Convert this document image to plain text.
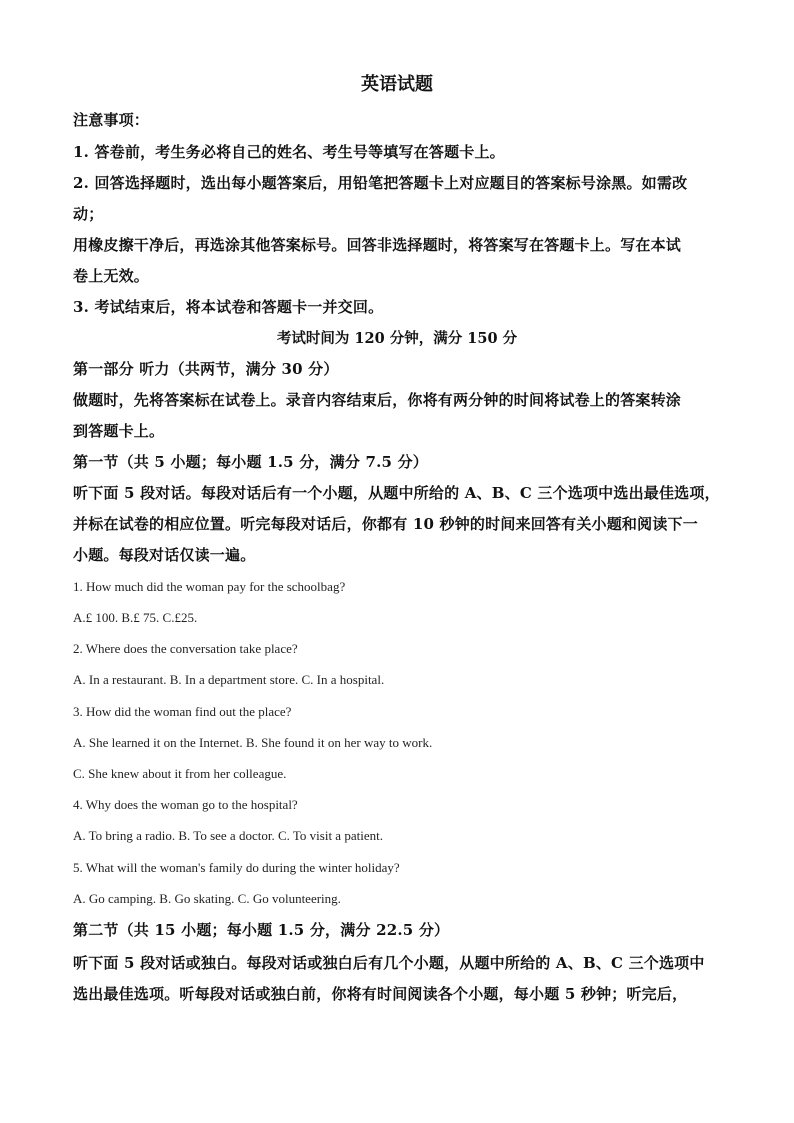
英语试题
注意事项：
1. 答卷前，考生务必将自己的姓名、考生号等填写在答题卡上。
2. 回答选择题时，选出每小题答案后，用铅笔把答题卡上对应题目的答案标号涂黑。如需改
动；
用橡皮擦干净后，再选涂其他答案标号。回答非选择题时，将答案写在答题卡上。写在本试
卷上无效。
3. 考试结束后，将本试卷和答题卡一并交回。
考试时间为 120 分钟，满分 150 分
第一部分 听力（共两节，满分 30 分）
做题时，先将答案标在试卷上。录音内容结束后，你将有两分钟的时间将试卷上的答案转涂
到答题卡上。
第一节（共 5 小题；每小题 1.5 分，满分 7.5 分）
听下面 5 段对话。每段对话后有一个小题，从题中所给的 A、B、C 三个选项中选出最佳选项，
并标在试卷的相应位置。听完每段对话后，你都有 10 秒钟的时间来回答有关小题和阅读下一
小题。每段对话仅读一遍。
1. How much did the woman pay for the schoolbag?
A.£ 100. B.£ 75. C.£25.
2. Where does the conversation take place?
A. In a restaurant. B. In a department store. C. In a hospital.
3. How did the woman find out the place?
A. She learned it on the Internet. B. She found it on her way to work.
C. She knew about it from her colleague.
4. Why does the woman go to the hospital?
A. To bring a radio. B. To see a doctor. C. To visit a patient.
5. What will the woman's family do during the winter holiday?
A. Go camping. B. Go skating. C. Go volunteering.
第二节（共 15 小题；每小题 1.5 分，满分 22.5 分）
听下面 5 段对话或独白。每段对话或独白后有几个小题，从题中所给的 A、B、C 三个选项中
选出最佳选项。听每段对话或独白前，你将有时间阅读各个小题，每小题 5 秒钟；听完后，
